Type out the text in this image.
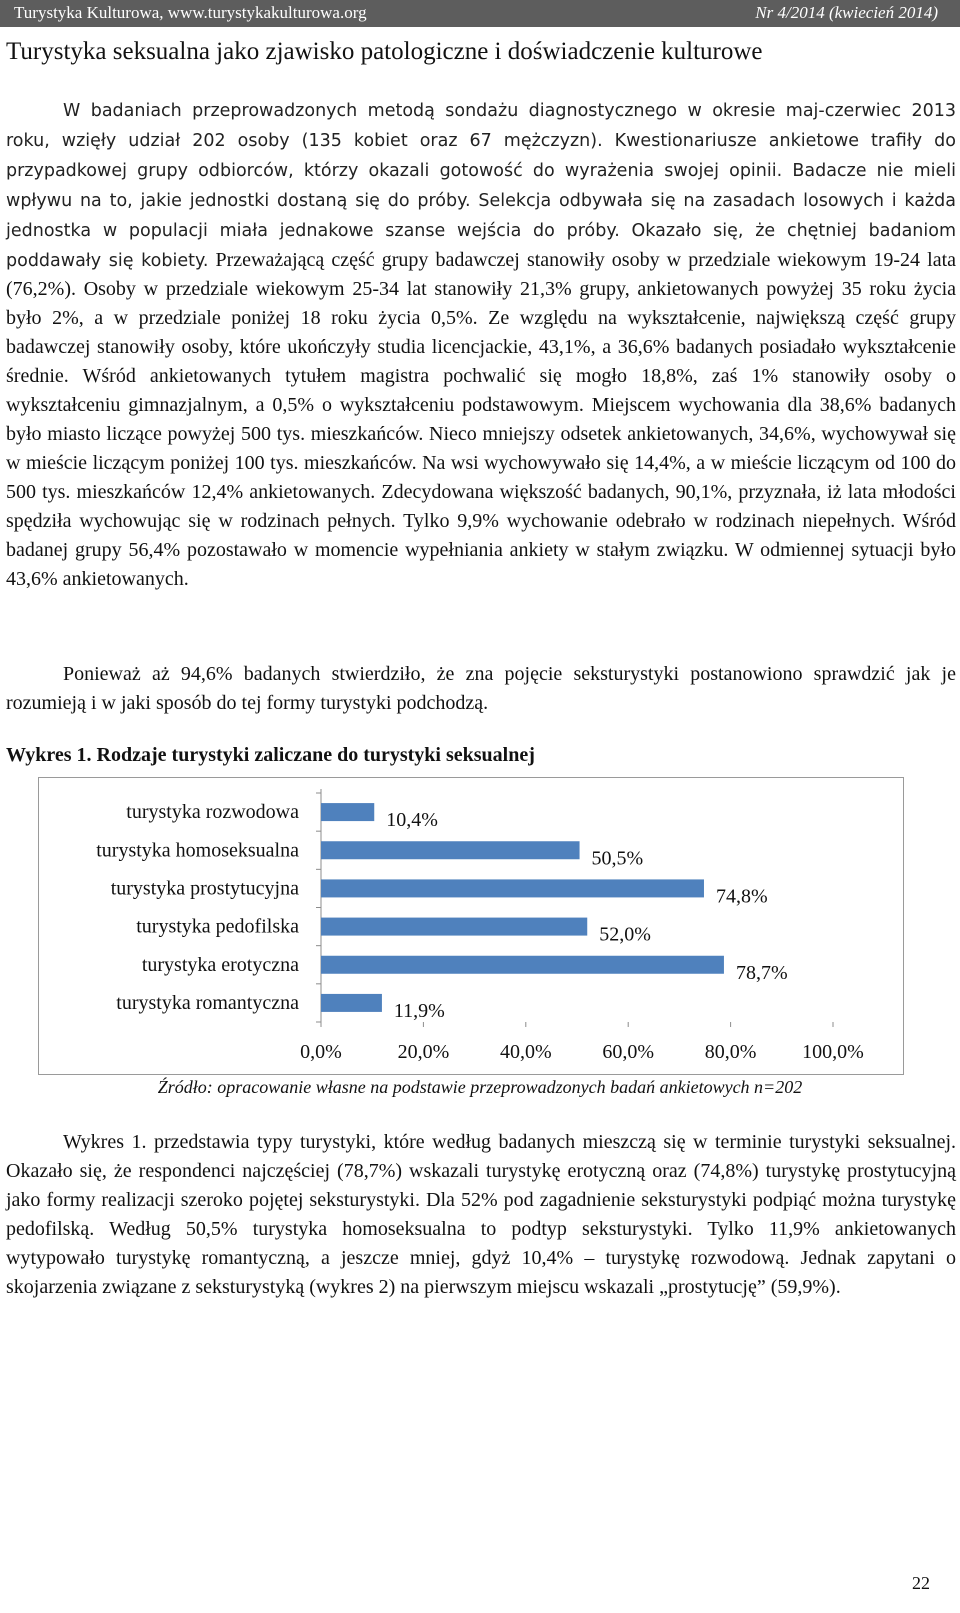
Turystyka Kulturowa, www.turystykakulturowa.org	Nr 4/2014 (kwiecień 2014)
Turystyka seksualna jako zjawisko patologiczne i doświadczenie kulturowe

W badaniach przeprowadzonych metodą sondażu diagnostycznego w okresie maj-czerwiec 2013 roku, wzięły udział 202 osoby (135 kobiet oraz 67 mężczyzn). Kwestionariusze ankietowe trafiły do przypadkowej grupy odbiorców, którzy okazali gotowość do wyrażenia swojej opinii. Badacze nie mieli wpływu na to, jakie jednostki dostaną się do próby. Selekcja odbywała się na zasadach losowych i każda jednostka w populacji miała jednakowe szanse wejścia do próby. Okazało się, że chętniej badaniom poddawały się kobiety. Przeważającą część grupy badawczej stanowiły osoby w przedziale wiekowym 19-24 lata (76,2%). Osoby w przedziale wiekowym 25-34 lat stanowiły 21,3% grupy, ankietowanych powyżej 35 roku życia było 2%, a w przedziale poniżej 18 roku życia 0,5%. Ze względu na wykształcenie, największą część grupy badawczej stanowiły osoby, które ukończyły studia licencjackie, 43,1%, a 36,6% badanych posiadało wykształcenie średnie. Wśród ankietowanych tytułem magistra pochwalić się mogło 18,8%, zaś 1% stanowiły osoby o wykształceniu gimnazjalnym, a 0,5% o wykształceniu podstawowym. Miejscem wychowania dla 38,6% badanych było miasto liczące powyżej 500 tys. mieszkańców. Nieco mniejszy odsetek ankietowanych, 34,6%, wychowywał się w mieście liczącym poniżej 100 tys. mieszkańców. Na wsi wychowywało się 14,4%, a w mieście liczącym od 100 do 500 tys. mieszkańców 12,4% ankietowanych. Zdecydowana większość badanych, 90,1%, przyznała, iż lata młodości spędziła wychowując się w rodzinach pełnych. Tylko 9,9% wychowanie odebrało w rodzinach niepełnych. Wśród badanej grupy 56,4% pozostawało w momencie wypełniania ankiety w stałym związku. W odmiennej sytuacji było 43,6% ankietowanych.

Ponieważ aż 94,6% badanych stwierdziło, że zna pojęcie seksturystyki postanowiono sprawdzić jak je rozumieją i w jaki sposób do tej formy turystyki podchodzą.

Wykres 1. Rodzaje turystyki zaliczane do turystyki seksualnej
0,0%	20,0%	40,0%	60,0%	80,0% 100,0%
turystyka rozwodowa	10,4%
turystyka homoseksualna	50,5%
turystyka prostytucyjna	74,8%
turystyka pedofilska	52,0%
turystyka erotyczna	78,7%
turystyka romantyczna	11,9%
Źródło: opracowanie własne na podstawie przeprowadzonych badań ankietowych n=202

Wykres 1. przedstawia typy turystyki, które według badanych mieszczą się w terminie turystyki seksualnej. Okazało się, że respondenci najczęściej (78,7%) wskazali turystykę erotyczną oraz (74,8%) turystykę prostytucyjną jako formy realizacji szeroko pojętej seksturystyki. Dla 52% pod zagadnienie seksturystyki podpiąć można turystykę pedofilską. Według 50,5% turystyka homoseksualna to podtyp seksturystyki. Tylko 11,9% ankietowanych wytypowało turystykę romantyczną, a jeszcze mniej, gdyż 10,4% – turystykę rozwodową. Jednak zapytani o skojarzenia związane z seksturystyką (wykres 2) na pierwszym miejscu wskazali „prostytucję” (59,9%).

22
